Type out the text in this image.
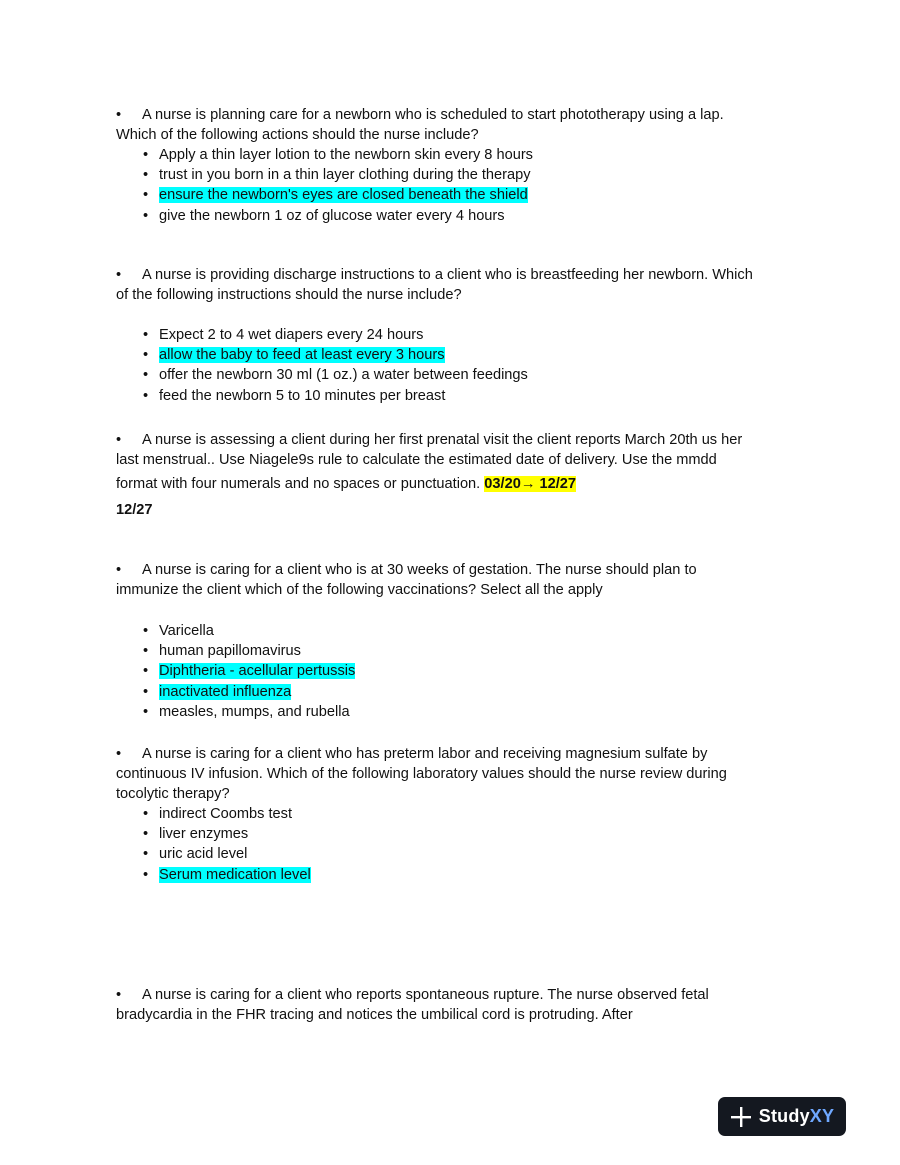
• A nurse is planning care for a newborn who is scheduled to start phototherapy using a lap. Which of the following actions should the nurse include?

• Apply a thin layer lotion to the newborn skin every 8 hours
• trust in you born in a thin layer clothing during the therapy
• ensure the newborn's eyes are closed beneath the shield
• give the newborn 1 oz of glucose water every 4 hours

• A nurse is providing discharge instructions to a client who is breastfeeding her newborn. Which of the following instructions should the nurse include?

• Expect 2 to 4 wet diapers every 24 hours
• allow the baby to feed at least every 3 hours
• offer the newborn 30 ml (1 oz.) a water between feedings
• feed the newborn 5 to 10 minutes per breast

• A nurse is assessing a client during her first prenatal visit the client reports March 20th us her last menstrual.. Use Niagele9s rule to calculate the estimated date of delivery. Use the mmdd

format with four numerals and no spaces or punctuation. 03/20→ 12/27

12/27

• A nurse is caring for a client who is at 30 weeks of gestation. The nurse should plan to immunize the client which of the following vaccinations? Select all the apply

• Varicella
• human papillomavirus
• Diphtheria - acellular pertussis
• inactivated influenza
• measles, mumps, and rubella

• A nurse is caring for a client who has preterm labor and receiving magnesium sulfate by continuous IV infusion. Which of the following laboratory values should the nurse review during tocolytic therapy?

• indirect Coombs test
• liver enzymes
• uric acid level
• Serum medication level

• A nurse is caring for a client who reports spontaneous rupture. The nurse observed fetal bradycardia in the FHR tracing and notices the umbilical cord is protruding. After

Study XY
